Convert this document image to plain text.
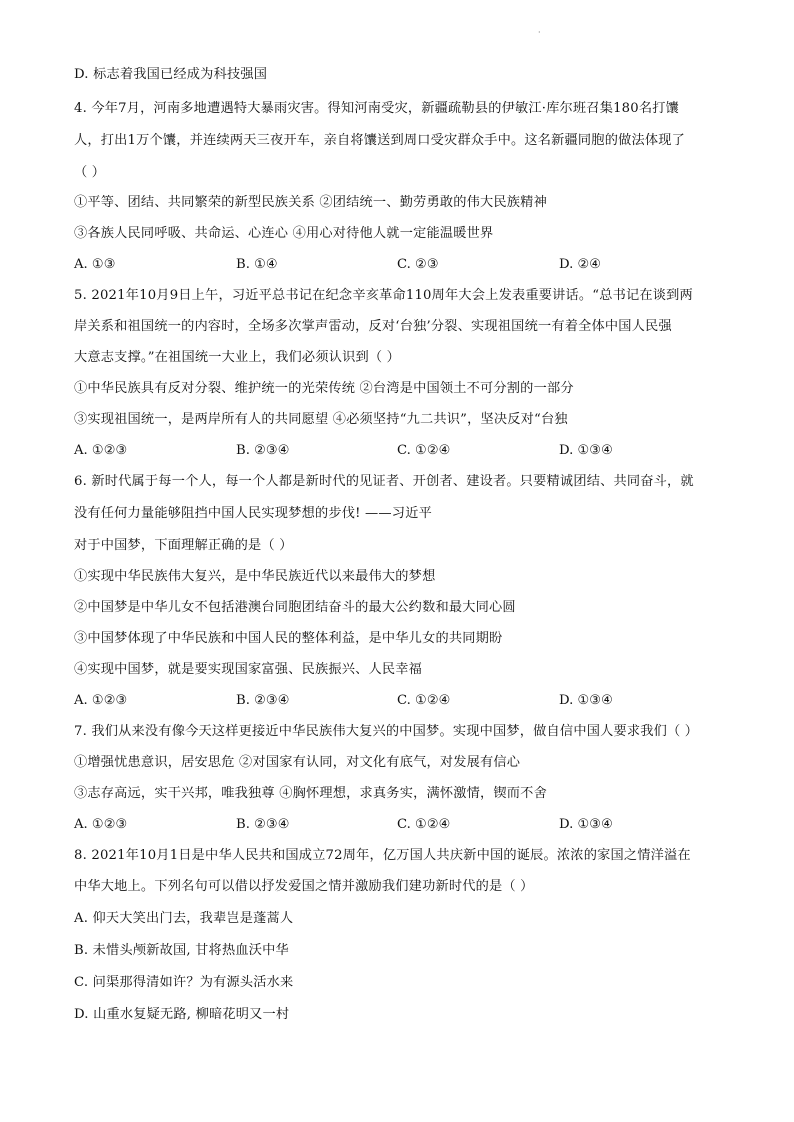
·
D. 标志着我国已经成为科技强国
4. 今年7月，河南多地遭遇特大暴雨灾害。得知河南受灾，新疆疏勒县的伊敏江·库尔班召集180名打馕
人，打出1万个馕，并连续两天三夜开车，亲自将馕送到周口受灾群众手中。这名新疆同胞的做法体现了
（ ）
①平等、团结、共同繁荣的新型民族关系 ②团结统一、勤劳勇敢的伟大民族精神
③各族人民同呼吸、共命运、心连心 ④用心对待他人就一定能温暖世界
A. ①③	B. ①④	C. ②③	D. ②④
5. 2021年10月9日上午，习近平总书记在纪念辛亥革命110周年大会上发表重要讲话。“总书记在谈到两
岸关系和祖国统一的内容时，全场多次掌声雷动，反对‘台独’分裂、实现祖国统一有着全体中国人民强
大意志支撑。”在祖国统一大业上，我们必须认识到（ ）
①中华民族具有反对分裂、维护统一的光荣传统 ②台湾是中国领土不可分割的一部分
③实现祖国统一，是两岸所有人的共同愿望 ④必须坚持“九二共识”，坚决反对“台独
A. ①②③	B. ②③④	C. ①②④	D. ①③④
6. 新时代属于每一个人，每一个人都是新时代的见证者、开创者、建设者。只要精诚团结、共同奋斗，就
没有任何力量能够阻挡中国人民实现梦想的步伐! ——习近平
对于中国梦，下面理解正确的是（ ）
①实现中华民族伟大复兴，是中华民族近代以来最伟大的梦想
②中国梦是中华儿女不包括港澳台同胞团结奋斗的最大公约数和最大同心圆
③中国梦体现了中华民族和中国人民的整体利益，是中华儿女的共同期盼
④实现中国梦，就是要实现国家富强、民族振兴、人民幸福
A. ①②③	B. ②③④	C. ①②④	D. ①③④
7. 我们从来没有像今天这样更接近中华民族伟大复兴的中国梦。实现中国梦，做自信中国人要求我们（ ）
①增强忧患意识，居安思危 ②对国家有认同，对文化有底气，对发展有信心
③志存高远，实干兴邦，唯我独尊 ④胸怀理想，求真务实，满怀激情，锲而不舍
A. ①②③	B. ②③④	C. ①②④	D. ①③④
8. 2021年10月1日是中华人民共和国成立72周年，亿万国人共庆新中国的诞辰。浓浓的家国之情洋溢在
中华大地上。下列名句可以借以抒发爱国之情并激励我们建功新时代的是（ ）
A. 仰天大笑出门去，我辈岂是蓬蒿人
B. 未惜头颅新故国, 甘将热血沃中华
C. 问渠那得清如许？为有源头活水来
D. 山重水复疑无路, 柳暗花明又一村
